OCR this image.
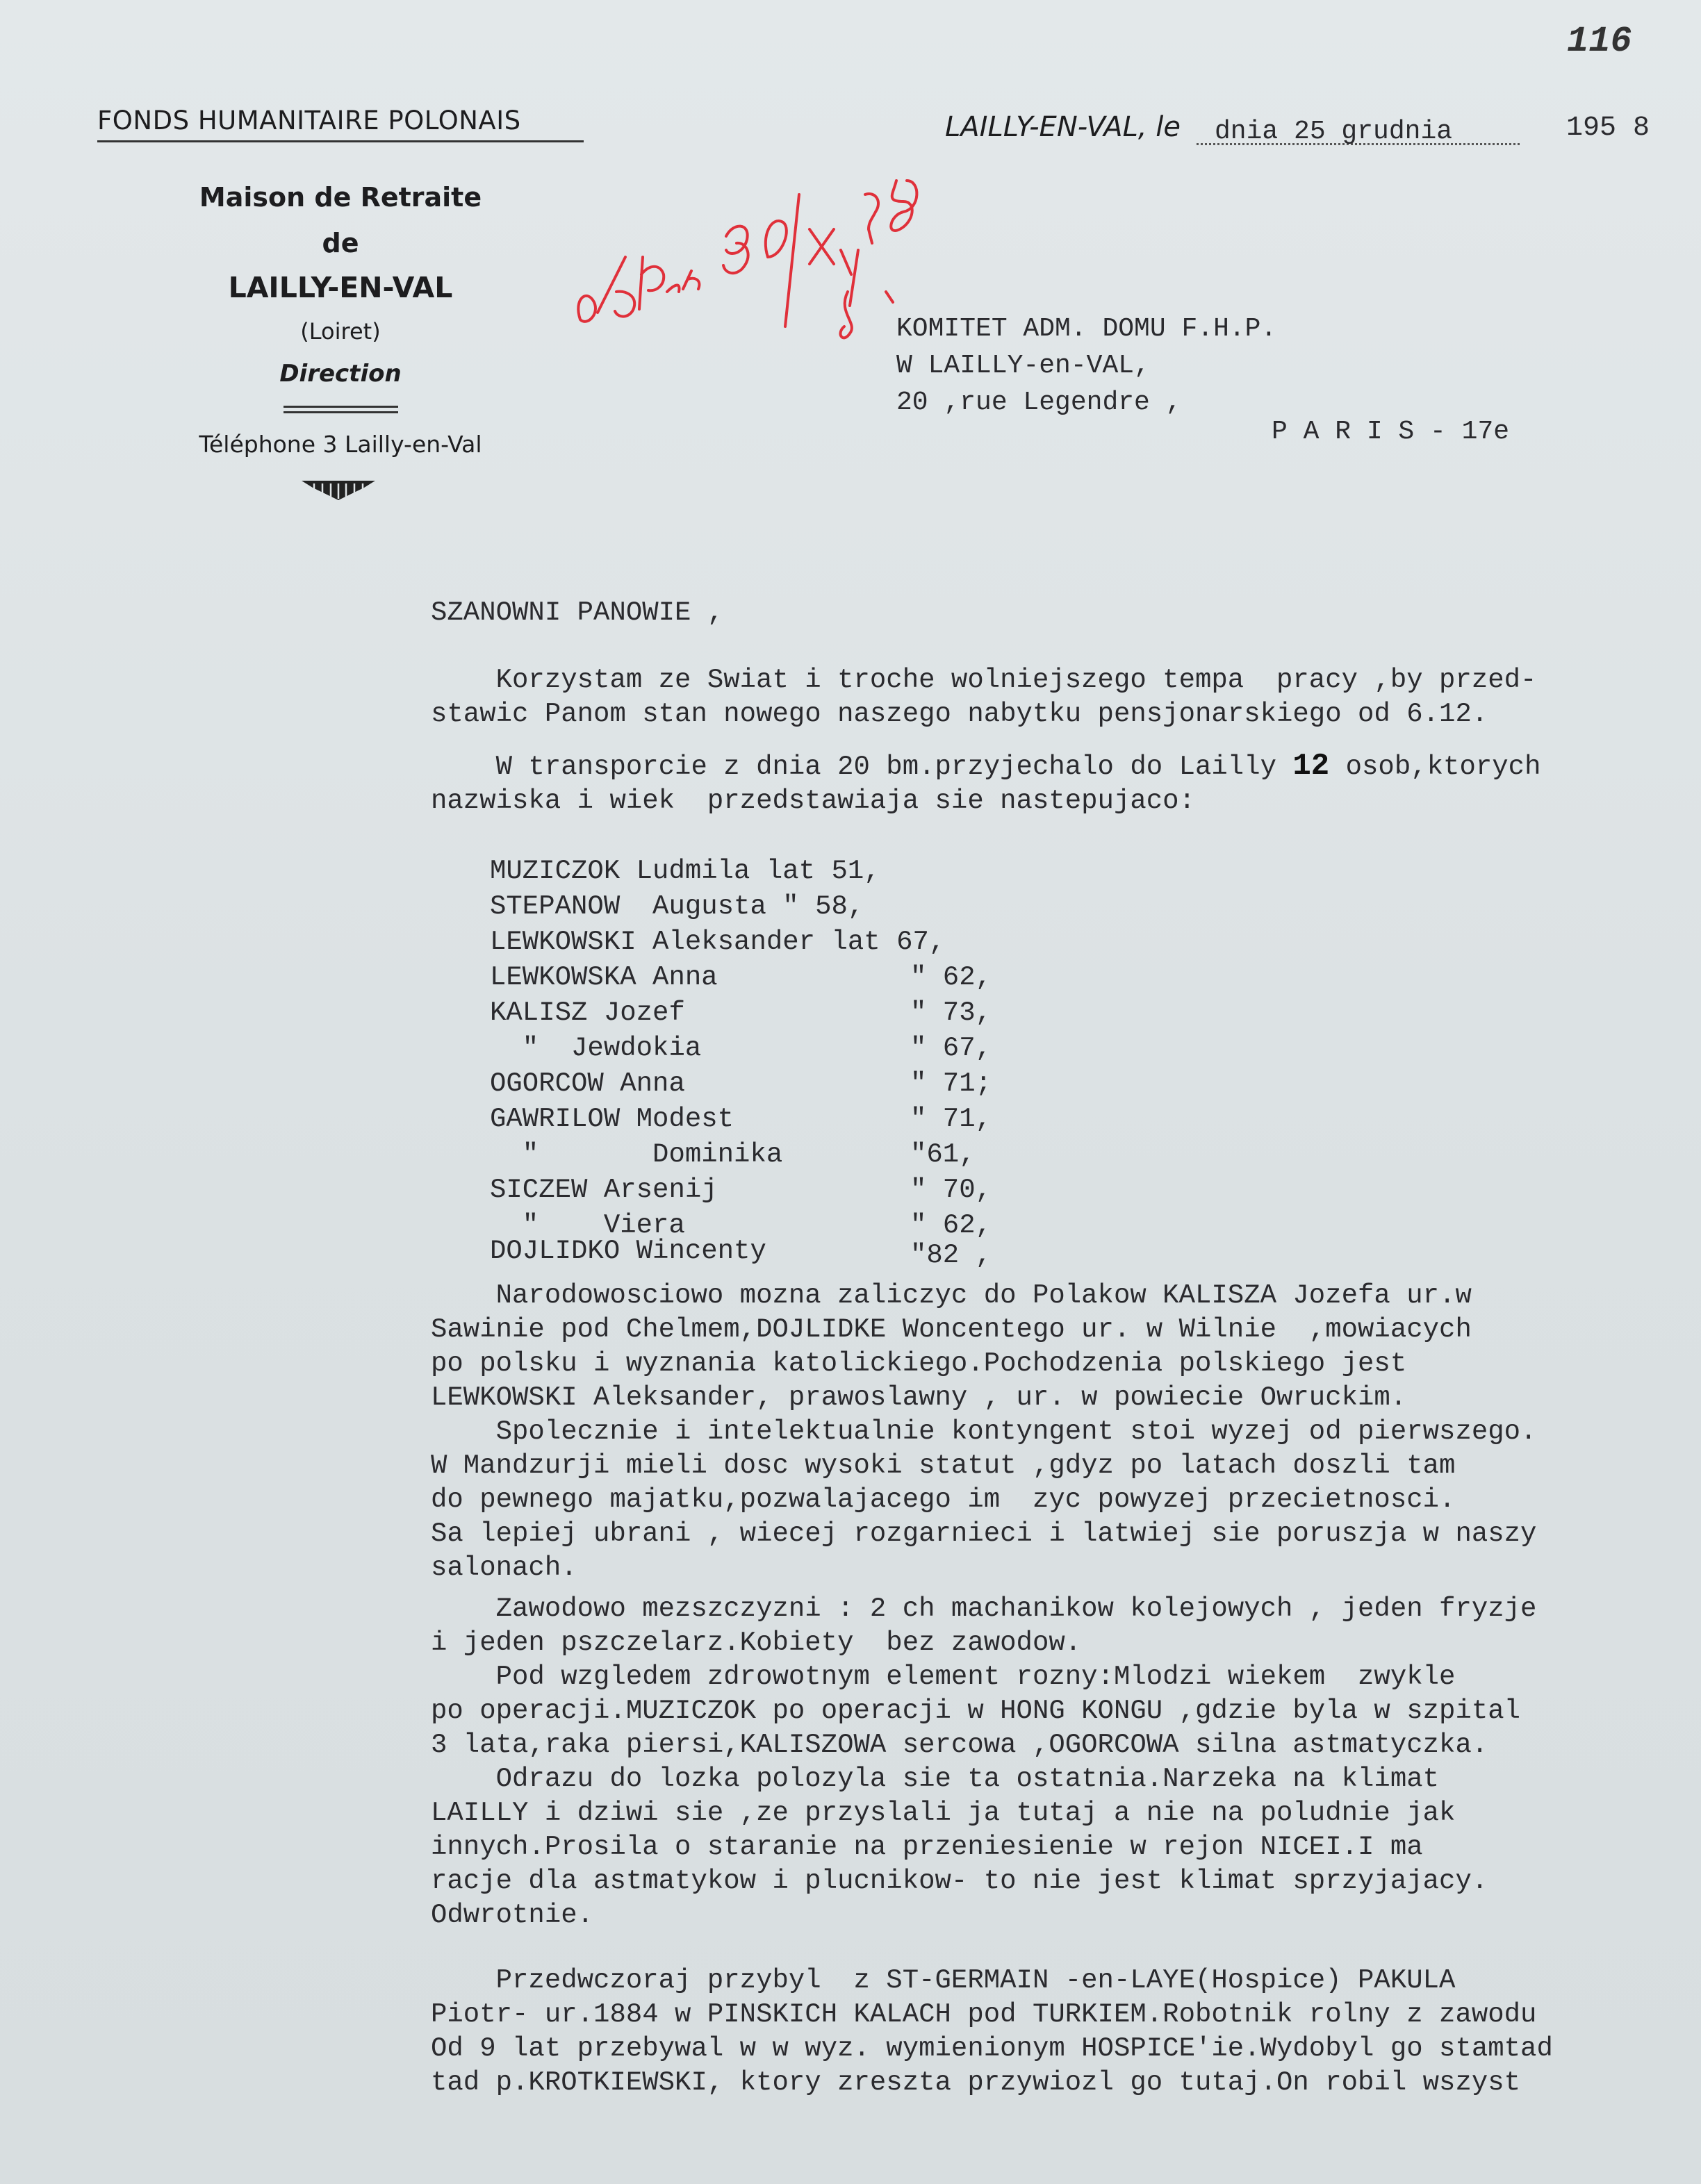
116
FONDS HUMANITAIRE POLONAIS
Maison de Retraite
de
LAILLY-EN-VAL
(Loiret)
Direction
Téléphone 3 Lailly-en-Val
LAILLY-EN-VAL, le dnia 25 grudnia	195 8
KOMITET ADM. DOMU F.H.P.
W LAILLY-en-VAL,
20 ,rue Legendre ,
P A R I S - 17e
SZANOWNI PANOWIE ,
Korzystam ze Swiat i troche wolniejszego tempa  pracy ,by przed-
stawic Panom stan nowego naszego nabytku pensjonarskiego od 6.12.
W transporcie z dnia 20 bm.przyjechalo do Lailly 12 osob,ktorych
nazwiska i wiek  przedstawiaja sie nastepujaco:
MUZICZOK Ludmila lat 51,
STEPANOW  Augusta " 58,
LEWKOWSKI Aleksander lat 67,
LEWKOWSKA Anna	" 62,
KALISZ Jozef	" 73,
"  Jewdokia	" 67,
OGORCOW Anna	" 71;
GAWRILOW Modest	" 71,
"       Dominika	"61,
SICZEW Arsenij	" 70,
"    Viera	" 62,
DOJLIDKO Wincenty	"82 ,
Narodowosciowo mozna zaliczyc do Polakow KALISZA Jozefa ur.w
Sawinie pod Chelmem,DOJLIDKE Woncentego ur. w Wilnie  ,mowiacych
po polsku i wyznania katolickiego.Pochodzenia polskiego jest
LEWKOWSKI Aleksander, prawoslawny , ur. w powiecie Owruckim.
Spolecznie i intelektualnie kontyngent stoi wyzej od pierwszego.
W Mandzurji mieli dosc wysoki statut ,gdyz po latach doszli tam
do pewnego majatku,pozwalajacego im  zyc powyzej przecietnosci.
Sa lepiej ubrani , wiecej rozgarnieci i latwiej sie poruszja w naszy
salonach.
Zawodowo mezszczyzni : 2 ch machanikow kolejowych , jeden fryzje
i jeden pszczelarz.Kobiety  bez zawodow.
Pod wzgledem zdrowotnym element rozny:Mlodzi wiekem  zwykle
po operacji.MUZICZOK po operacji w HONG KONGU ,gdzie byla w szpital
3 lata,raka piersi,KALISZOWA sercowa ,OGORCOWA silna astmatyczka.
Odrazu do lozka polozyla sie ta ostatnia.Narzeka na klimat
LAILLY i dziwi sie ,ze przyslali ja tutaj a nie na poludnie jak
innych.Prosila o staranie na przeniesienie w rejon NICEI.I ma
racje dla astmatykow i plucnikow- to nie jest klimat sprzyjajacy.
Odwrotnie.
Przedwczoraj przybyl  z ST-GERMAIN -en-LAYE(Hospice) PAKULA
Piotr- ur.1884 w PINSKICH KALACH pod TURKIEM.Robotnik rolny z zawodu
Od 9 lat przebywal w w wyz. wymienionym HOSPICE'ie.Wydobyl go stamtad
tad p.KROTKIEWSKI, ktory zreszta przywiozl go tutaj.On robil wszyst
